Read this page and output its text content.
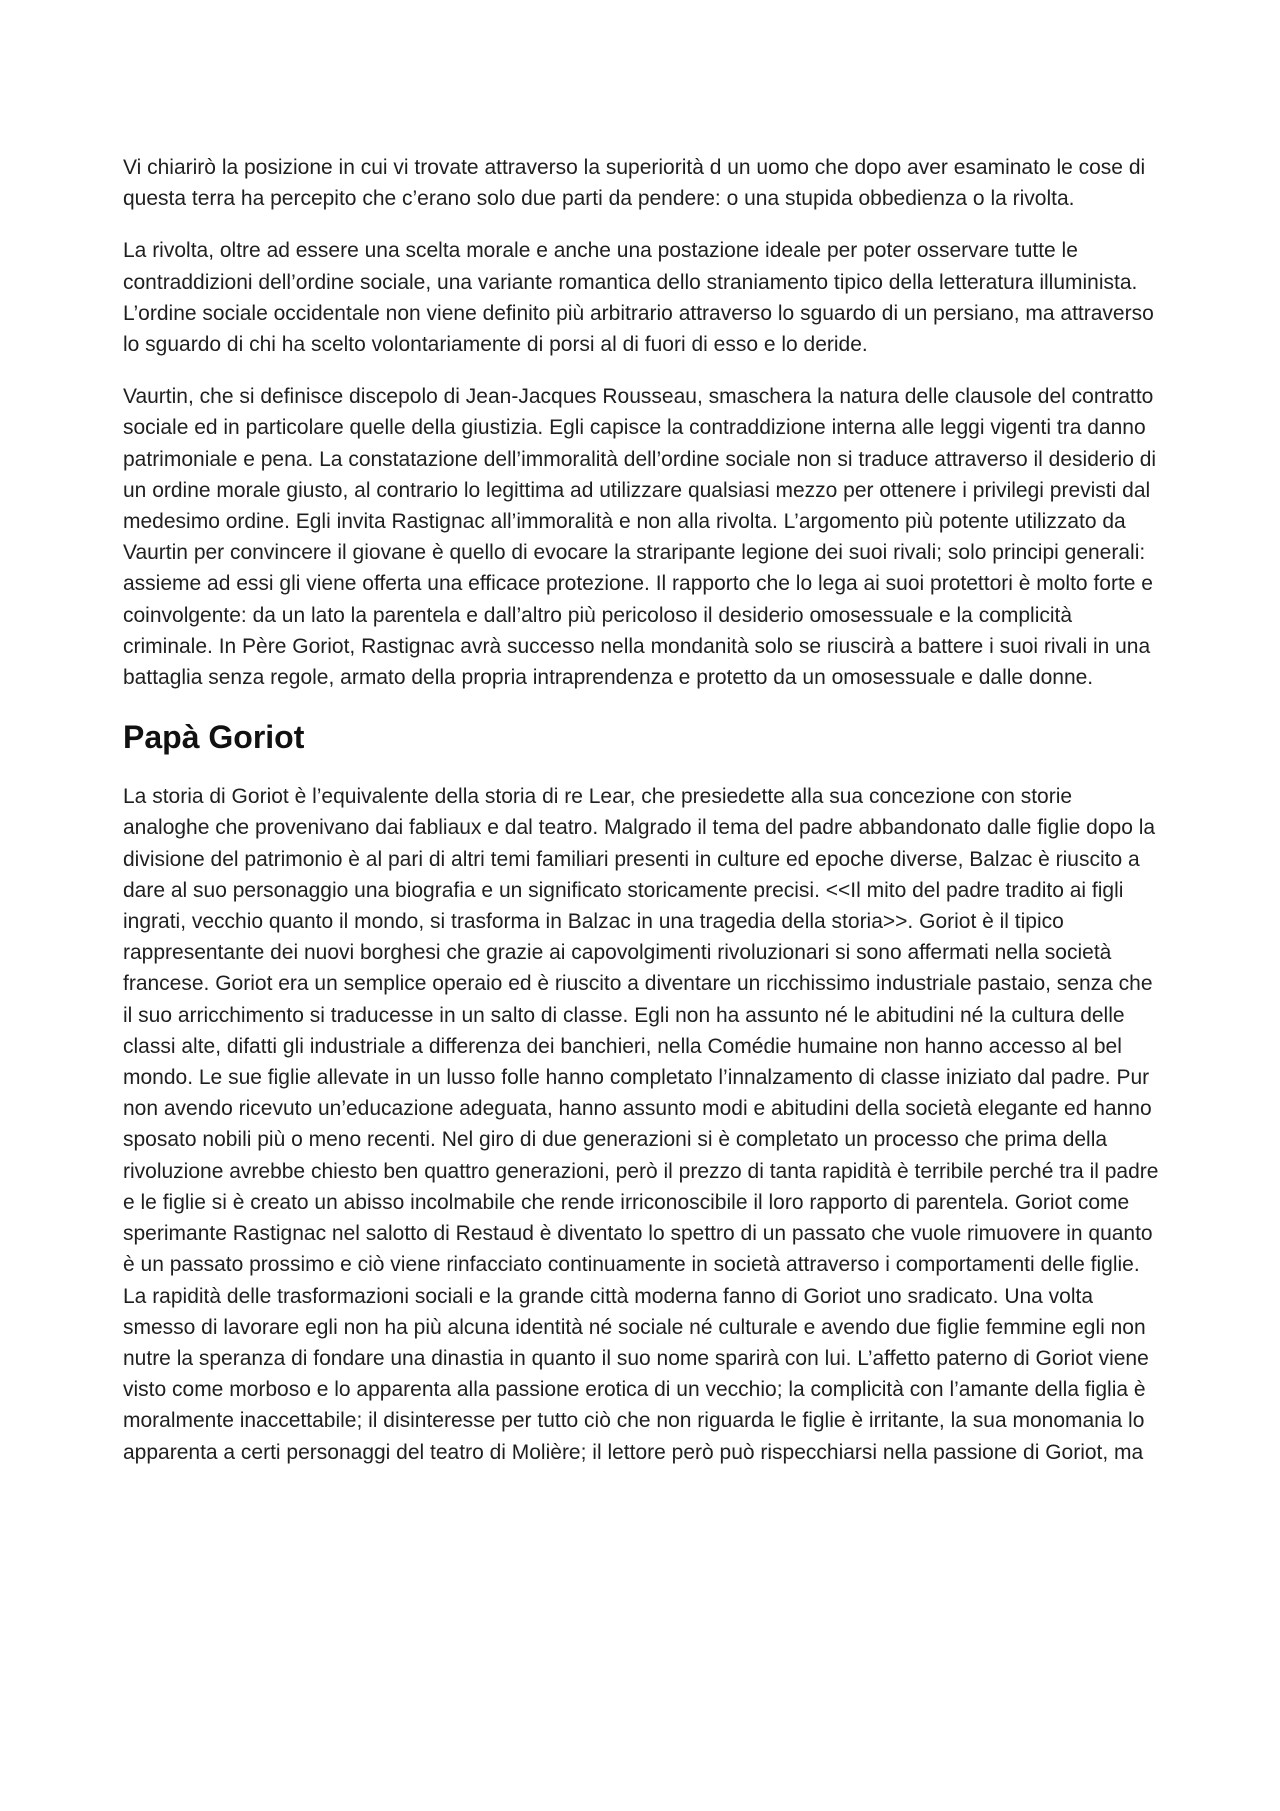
Vi chiarirò la posizione in cui vi trovate attraverso la superiorità d un uomo che dopo aver esaminato le cose di questa terra ha percepito che c’erano solo due parti da pendere: o una stupida obbedienza o la rivolta.

La rivolta, oltre ad essere una scelta morale e anche una postazione ideale per poter osservare tutte le contraddizioni dell’ordine sociale, una variante romantica dello straniamento tipico della letteratura illuminista. L’ordine sociale occidentale non viene definito più arbitrario attraverso lo sguardo di un persiano, ma attraverso lo sguardo di chi ha scelto volontariamente di porsi al di fuori di esso e lo deride.

Vaurtin, che si definisce discepolo di Jean-Jacques Rousseau, smaschera la natura delle clausole del contratto sociale ed in particolare quelle della giustizia. Egli capisce la contraddizione interna alle leggi vigenti tra danno patrimoniale e pena. La constatazione dell’immoralità dell’ordine sociale non si traduce attraverso il desiderio di un ordine morale giusto, al contrario lo legittima ad utilizzare qualsiasi mezzo per ottenere i privilegi previsti dal medesimo ordine. Egli invita Rastignac all’immoralità e non alla rivolta. L’argomento più potente utilizzato da Vaurtin per convincere il giovane è quello di evocare la straripante legione dei suoi rivali; solo principi generali: assieme ad essi gli viene offerta una efficace protezione. Il rapporto che lo lega ai suoi protettori è molto forte e coinvolgente: da un lato la parentela e dall’altro più pericoloso il desiderio omosessuale e la complicità criminale. In Père Goriot, Rastignac avrà successo nella mondanità solo se riuscirà a battere i suoi rivali in una battaglia senza regole, armato della propria intraprendenza e protetto da un omosessuale e dalle donne.

Papà Goriot

La storia di Goriot è l’equivalente della storia di re Lear, che presiedette alla sua concezione con storie analoghe che provenivano dai fabliaux e dal teatro. Malgrado il tema del padre abbandonato dalle figlie dopo la divisione del patrimonio è al pari di altri temi familiari presenti in culture ed epoche diverse, Balzac è riuscito a dare al suo personaggio una biografia e un significato storicamente precisi. <<Il mito del padre tradito ai figli ingrati, vecchio quanto il mondo, si trasforma in Balzac in una tragedia della storia>>. Goriot è il tipico rappresentante dei nuovi borghesi che grazie ai capovolgimenti rivoluzionari si sono affermati nella società francese. Goriot era un semplice operaio ed è riuscito a diventare un ricchissimo industriale pastaio, senza che il suo arricchimento si traducesse in un salto di classe. Egli non ha assunto né le abitudini né la cultura delle classi alte, difatti gli industriale a differenza dei banchieri, nella Comédie humaine non hanno accesso al bel mondo. Le sue figlie allevate in un lusso folle hanno completato l’innalzamento di classe iniziato dal padre. Pur non avendo ricevuto un’educazione adeguata, hanno assunto modi e abitudini della società elegante ed hanno sposato nobili più o meno recenti. Nel giro di due generazioni si è completato un processo che prima della rivoluzione avrebbe chiesto ben quattro generazioni, però il prezzo di tanta rapidità è terribile perché tra il padre e le figlie si è creato un abisso incolmabile che rende irriconoscibile il loro rapporto di parentela. Goriot come sperimante Rastignac nel salotto di Restaud è diventato lo spettro di un passato che vuole rimuovere in quanto è un passato prossimo e ciò viene rinfacciato continuamente in società attraverso i comportamenti delle figlie. La rapidità delle trasformazioni sociali e la grande città moderna fanno di Goriot uno sradicato. Una volta smesso di lavorare egli non ha più alcuna identità né sociale né culturale e avendo due figlie femmine egli non nutre la speranza di fondare una dinastia in quanto il suo nome sparirà con lui. L’affetto paterno di Goriot viene visto come morboso e lo apparenta alla passione erotica di un vecchio; la complicità con l’amante della figlia è moralmente inaccettabile; il disinteresse per tutto ciò che non riguarda le figlie è irritante, la sua monomania lo apparenta a certi personaggi del teatro di Molière; il lettore però può rispecchiarsi nella passione di Goriot, ma
